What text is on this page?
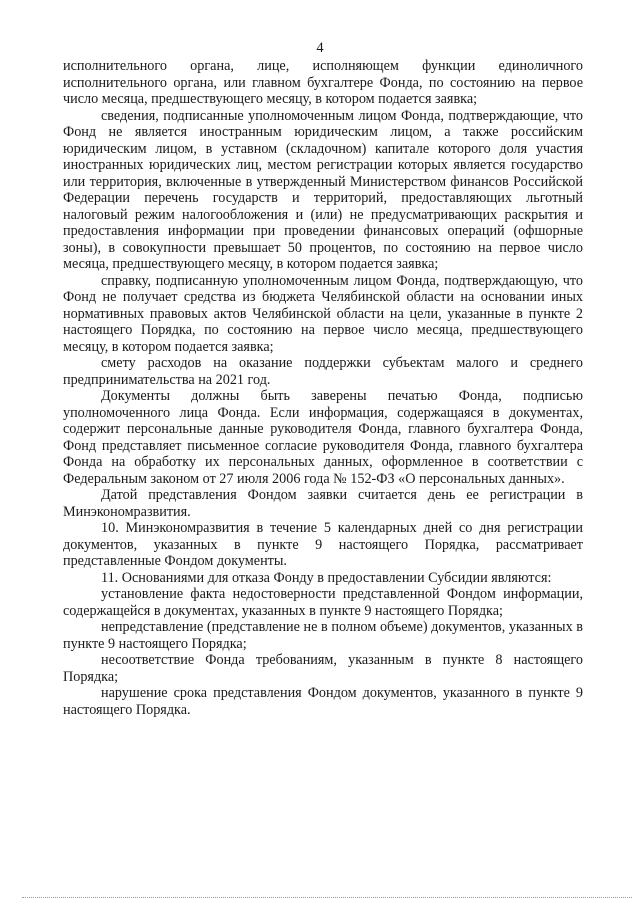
4

исполнительного органа, лице, исполняющем функции единоличного исполнительного органа, или главном бухгалтере Фонда, по состоянию на первое число месяца, предшествующего месяцу, в котором подается заявка;

сведения, подписанные уполномоченным лицом Фонда, подтверждающие, что Фонд не является иностранным юридическим лицом, а также российским юридическим лицом, в уставном (складочном) капитале которого доля участия иностранных юридических лиц, местом регистрации которых является государство или территория, включенные в утвержденный Министерством финансов Российской Федерации перечень государств и территорий, предоставляющих льготный налоговый режим налогообложения и (или) не предусматривающих раскрытия и предоставления информации при проведении финансовых операций (офшорные зоны), в совокупности превышает 50 процентов, по состоянию на первое число месяца, предшествующего месяцу, в котором подается заявка;

справку, подписанную уполномоченным лицом Фонда, подтверждающую, что Фонд не получает средства из бюджета Челябинской области на основании иных нормативных правовых актов Челябинской области на цели, указанные в пункте 2 настоящего Порядка, по состоянию на первое число месяца, предшествующего месяцу, в котором подается заявка;

смету расходов на оказание поддержки субъектам малого и среднего предпринимательства на 2021 год.

Документы должны быть заверены печатью Фонда, подписью уполномоченного лица Фонда. Если информация, содержащаяся в документах, содержит персональные данные руководителя Фонда, главного бухгалтера Фонда, Фонд представляет письменное согласие руководителя Фонда, главного бухгалтера Фонда на обработку их персональных данных, оформленное в соответствии с Федеральным законом от 27 июля 2006 года № 152-ФЗ «О персональных данных».

Датой представления Фондом заявки считается день ее регистрации в Минэкономразвития.

10. Минэкономразвития в течение 5 календарных дней со дня регистрации документов, указанных в пункте 9 настоящего Порядка, рассматривает представленные Фондом документы.

11. Основаниями для отказа Фонду в предоставлении Субсидии являются:

установление факта недостоверности представленной Фондом информации, содержащейся в документах, указанных в пункте 9 настоящего Порядка;

непредставление (представление не в полном объеме) документов, указанных в пункте 9 настоящего Порядка;

несоответствие Фонда требованиям, указанным в пункте 8 настоящего Порядка;

нарушение срока представления Фондом документов, указанного в пункте 9 настоящего Порядка.
